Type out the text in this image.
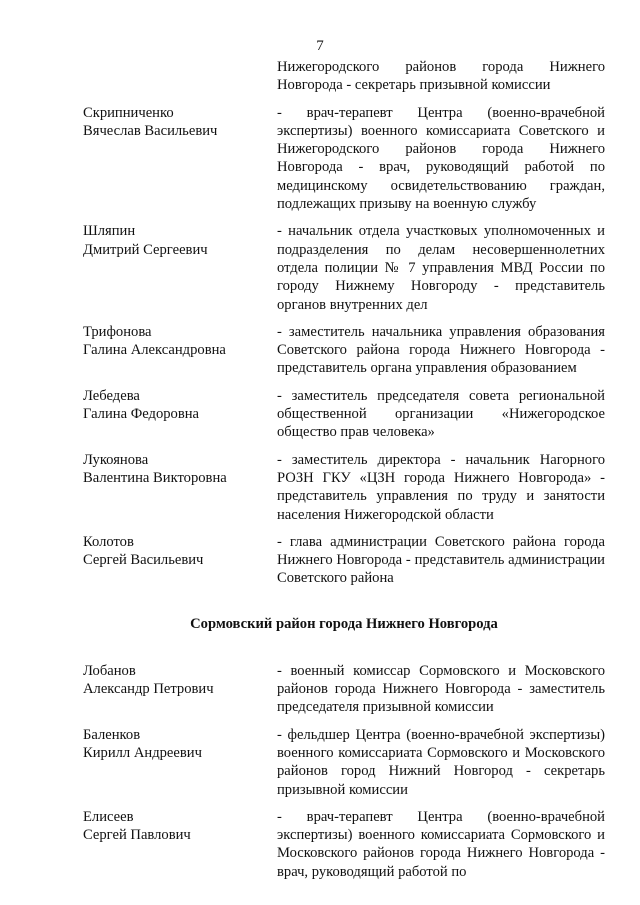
7
Нижегородского районов города Нижнего Новгорода - секретарь призывной комиссии
Скрипниченко
Вячеслав Васильевич
- врач-терапевт Центра (военно-врачебной экспертизы) военного комиссариата Советского и Нижегородского районов города Нижнего Новгорода - врач, руководящий работой по медицинскому освидетельствованию граждан, подлежащих призыву на военную службу
Шляпин
Дмитрий Сергеевич
- начальник отдела участковых уполномоченных и подразделения по делам несовершеннолетних отдела полиции № 7 управления МВД России по городу Нижнему Новгороду - представитель органов внутренних дел
Трифонова
Галина Александровна
- заместитель начальника управления образования Советского района города Нижнего Новгорода - представитель органа управления образованием
Лебедева
Галина Федоровна
- заместитель председателя совета региональной общественной организации «Нижегородское общество прав человека»
Лукоянова
Валентина Викторовна
- заместитель директора - начальник Нагорного РОЗН ГКУ «ЦЗН города Нижнего Новгорода» - представитель управления по труду и занятости населения Нижегородской области
Колотов
Сергей Васильевич
- глава администрации Советского района города Нижнего Новгорода - представитель администрации Советского района
Сормовский район города Нижнего Новгорода
Лобанов
Александр Петрович
- военный комиссар Сормовского и Московского районов города Нижнего Новгорода - заместитель председателя призывной комиссии
Баленков
Кирилл Андреевич
- фельдшер Центра (военно-врачебной экспертизы) военного комиссариата Сормовского и Московского районов город Нижний Новгород - секретарь призывной комиссии
Елисеев
Сергей Павлович
- врач-терапевт Центра (военно-врачебной экспертизы) военного комиссариата Сормовского и Московского районов города Нижнего Новгорода - врач, руководящий работой по
